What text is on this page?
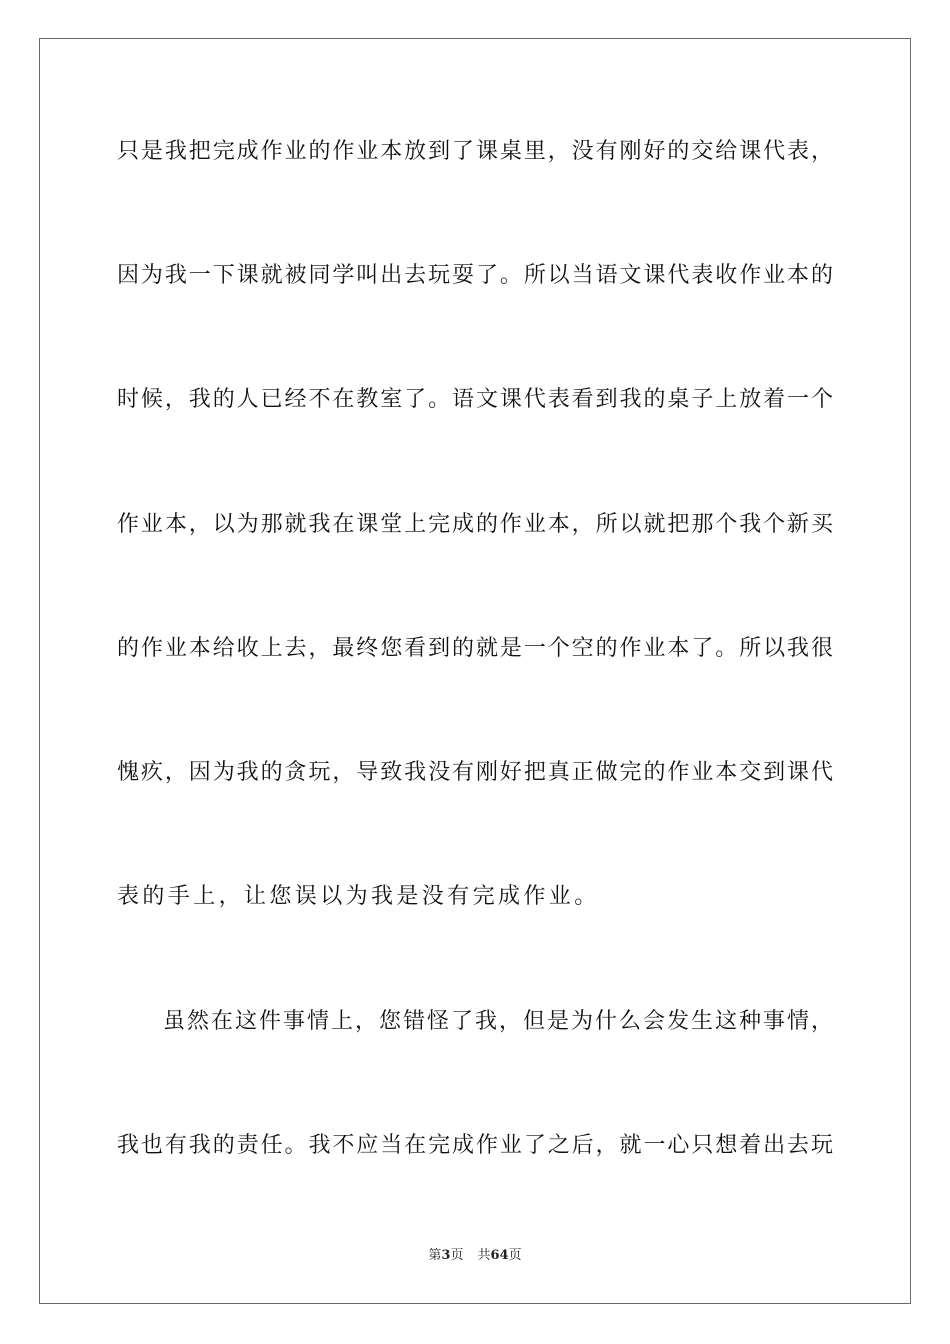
只是我把完成作业的作业本放到了课桌里，没有刚好的交给课代表，
因为我一下课就被同学叫出去玩耍了。所以当语文课代表收作业本的
时候，我的人已经不在教室了。语文课代表看到我的桌子上放着一个
作业本，以为那就我在课堂上完成的作业本，所以就把那个我个新买
的作业本给收上去，最终您看到的就是一个空的作业本了。所以我很
愧疚，因为我的贪玩，导致我没有刚好把真正做完的作业本交到课代
表的手上，让您误以为我是没有完成作业。
虽然在这件事情上，您错怪了我，但是为什么会发生这种事情，
我也有我的责任。我不应当在完成作业了之后，就一心只想着出去玩
第3页 共64页
